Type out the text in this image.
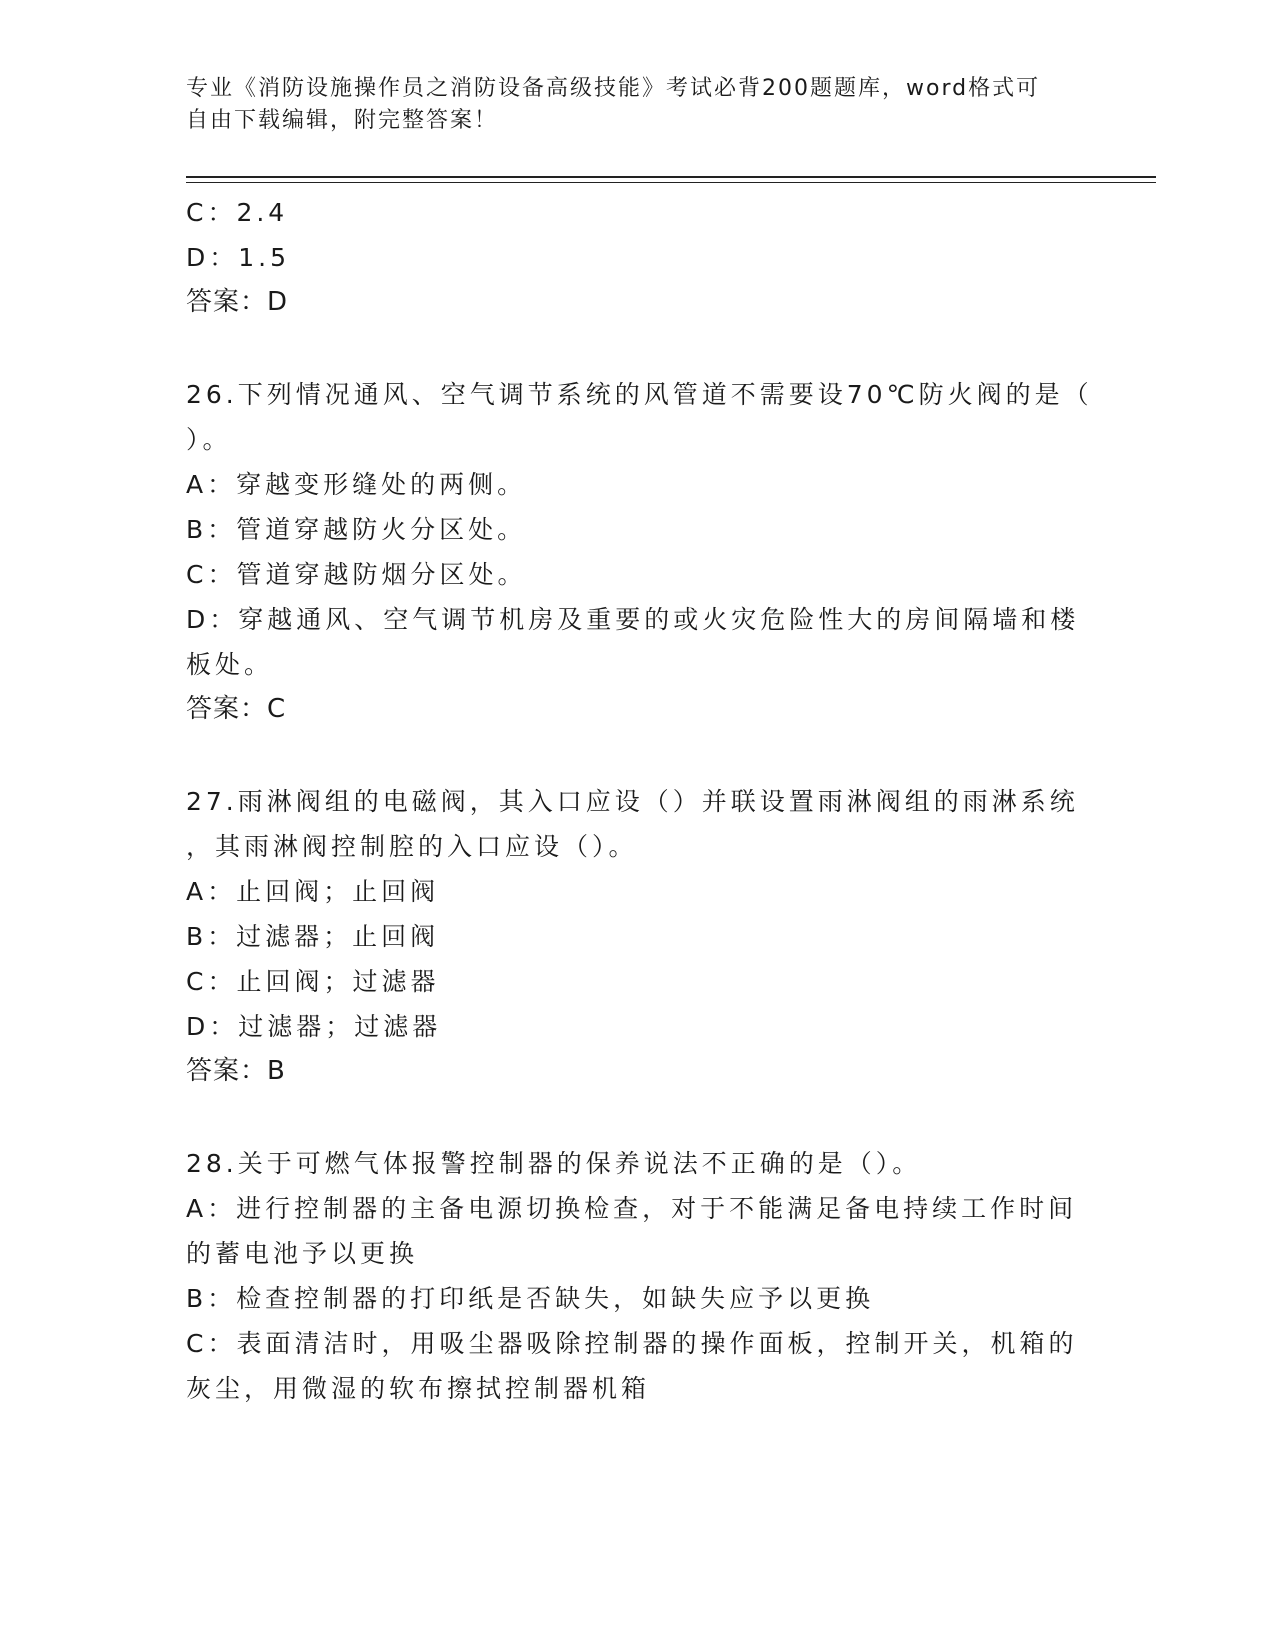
专业《消防设施操作员之消防设备高级技能》考试必背200题题库，word格式可
自由下载编辑，附完整答案！
C：2.4
D：1.5
答案：D
26.下列情况通风、空气调节系统的风管道不需要设70℃防火阀的是（
）。
A：穿越变形缝处的两侧。
B：管道穿越防火分区处。
C：管道穿越防烟分区处。
D：穿越通风、空气调节机房及重要的或火灾危险性大的房间隔墙和楼
板处。
答案：C
27.雨淋阀组的电磁阀，其入口应设（）并联设置雨淋阀组的雨淋系统
，其雨淋阀控制腔的入口应设（）。
A：止回阀；止回阀
B：过滤器；止回阀
C：止回阀；过滤器
D：过滤器；过滤器
答案：B
28.关于可燃气体报警控制器的保养说法不正确的是（）。
A：进行控制器的主备电源切换检查，对于不能满足备电持续工作时间
的蓄电池予以更换
B：检查控制器的打印纸是否缺失，如缺失应予以更换
C：表面清洁时，用吸尘器吸除控制器的操作面板，控制开关，机箱的
灰尘，用微湿的软布擦拭控制器机箱
